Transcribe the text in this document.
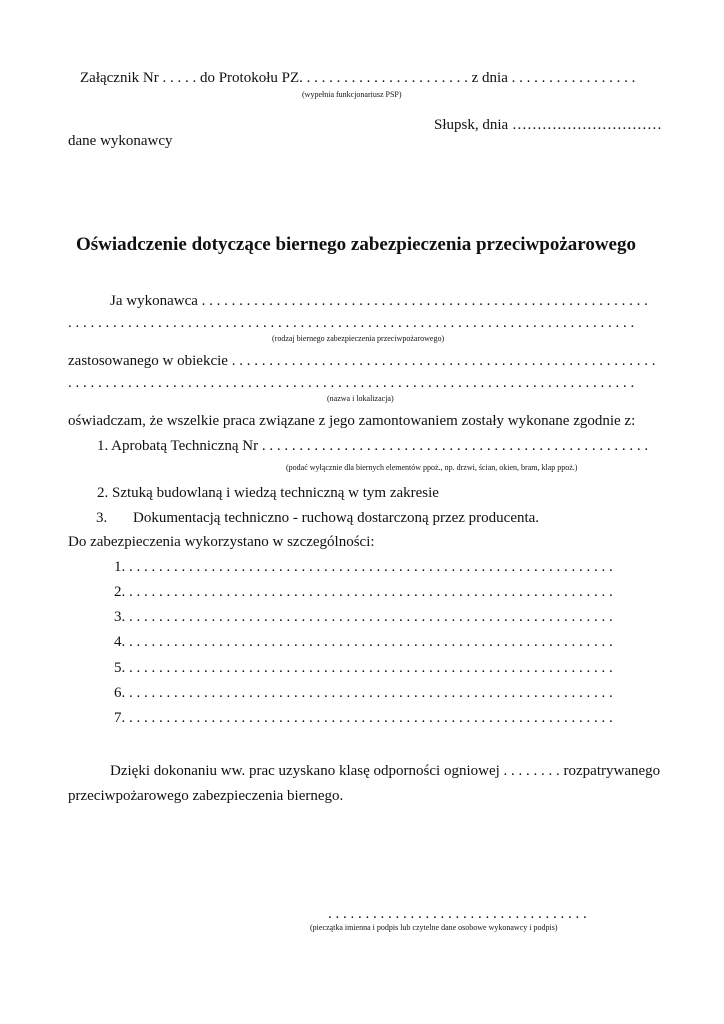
Załącznik Nr . . . . . do Protokołu PZ. . . . . . . . . . . . . . . . . . . . . . . z dnia . . . . . . . . . . . . . . . . .
(wypełnia funkcjonariusz PSP)
Słupsk, dnia …………………………
dane wykonawcy
Oświadczenie dotyczące biernego zabezpieczenia przeciwpożarowego
Ja wykonawca . . . . . . . . . . . . . . . . . . . . . . . . . . . . . . . . . . . . . . . . . . . . . . . . . . . . . . . . . . . .
. . . . . . . . . . . . . . . . . . . . . . . . . . . . . . . . . . . . . . . . . . . . . . . . . . . . . . . . . . . . . . . . . . . . . . . . . . . .
(rodzaj biernego zabezpieczenia przeciwpożarowego)
zastosowanego w obiekcie . . . . . . . . . . . . . . . . . . . . . . . . . . . . . . . . . . . . . . . . . . . . . . . . . . . . . . . . .
. . . . . . . . . . . . . . . . . . . . . . . . . . . . . . . . . . . . . . . . . . . . . . . . . . . . . . . . . . . . . . . . . . . . . . . . . . . .
(nazwa i lokalizacja)
oświadczam, że wszelkie praca związane z jego zamontowaniem zostały wykonane zgodnie z:
1. Aprobatą Techniczną Nr . . . . . . . . . . . . . . . . . . . . . . . . . . . . . . . . . . . . . . . . . . . . . . . . . . . .
(podać wyłącznie dla biernych elementów ppoż., np. drzwi, ścian, okien, bram, klap ppoż.)
2. Sztuką budowlaną i wiedzą techniczną w tym zakresie
3. Dokumentacją techniczno - ruchową dostarczoną przez producenta.
Do zabezpieczenia wykorzystano w szczególności:
1. . . . . . . . . . . . . . . . . . . . . . . . . . . . . . . . . . . . . . . . . . . . . . . . . . . . . . . . . . . . . . . . . .
2. . . . . . . . . . . . . . . . . . . . . . . . . . . . . . . . . . . . . . . . . . . . . . . . . . . . . . . . . . . . . . . . . .
3. . . . . . . . . . . . . . . . . . . . . . . . . . . . . . . . . . . . . . . . . . . . . . . . . . . . . . . . . . . . . . . . . .
4. . . . . . . . . . . . . . . . . . . . . . . . . . . . . . . . . . . . . . . . . . . . . . . . . . . . . . . . . . . . . . . . . .
5. . . . . . . . . . . . . . . . . . . . . . . . . . . . . . . . . . . . . . . . . . . . . . . . . . . . . . . . . . . . . . . . . .
6. . . . . . . . . . . . . . . . . . . . . . . . . . . . . . . . . . . . . . . . . . . . . . . . . . . . . . . . . . . . . . . . . .
7. . . . . . . . . . . . . . . . . . . . . . . . . . . . . . . . . . . . . . . . . . . . . . . . . . . . . . . . . . . . . . . . . .
Dzięki dokonaniu ww. prac uzyskano klasę odporności ogniowej . . . . . . . . rozpatrywanego
przeciwpożarowego zabezpieczenia biernego.
. . . . . . . . . . . . . . . . . . . . . . . . . . . . . . . . . . .
(pieczątka imienna i podpis lub czytelne dane osobowe wykonawcy i podpis)
